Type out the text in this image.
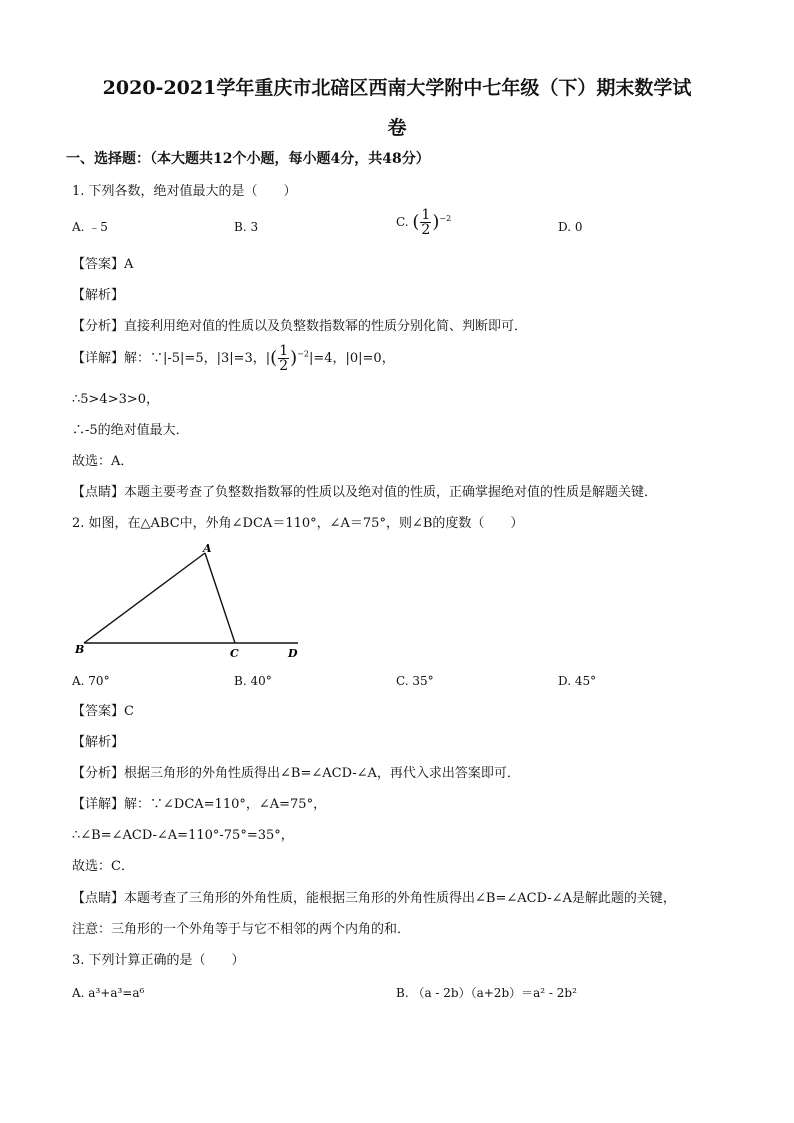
2020-2021学年重庆市北碚区西南大学附中七年级（下）期末数学试
卷
一、选择题：（本大题共12个小题，每小题4分，共48分）
1. 下列各数，绝对值最大的是（　　）
A. ﹣5	B. 3	C. ( $\frac{1}{2} )^{-2}$
D. 0
【答案】A
【解析】
【分析】直接利用绝对值的性质以及负整数指数幂的性质分别化简、判断即可．
【详解】解：∵|-5|=5，|3|=3，|( $\frac{1}{2} )^{-2}|=4$，|0|=0，
∴5>4>3>0，
∴-5的绝对值最大．
故选：A．
【点睛】本题主要考查了负整数指数幂的性质以及绝对值的性质，正确掌握绝对值的性质是解题关键．
2. 如图，在△ABC中，外角∠DCA＝110°，∠A＝75°，则∠B的度数（　　）
A
B	C	D
A. 70°	B. 40°	C. 35°	D. 45°
【答案】C
【解析】
【分析】根据三角形的外角性质得出∠B=∠ACD-∠A，再代入求出答案即可．
【详解】解：∵∠DCA=110°，∠A=75°，
∴∠B=∠ACD-∠A=110°-75°=35°，
故选：C．
【点睛】本题考查了三角形的外角性质，能根据三角形的外角性质得出∠B=∠ACD-∠A是解此题的关键，
注意：三角形的一个外角等于与它不相邻的两个内角的和．
3. 下列计算正确的是（　　）
A. a³+a³=a⁶	B. （a - 2b）（a+2b）＝a² - 2b²
